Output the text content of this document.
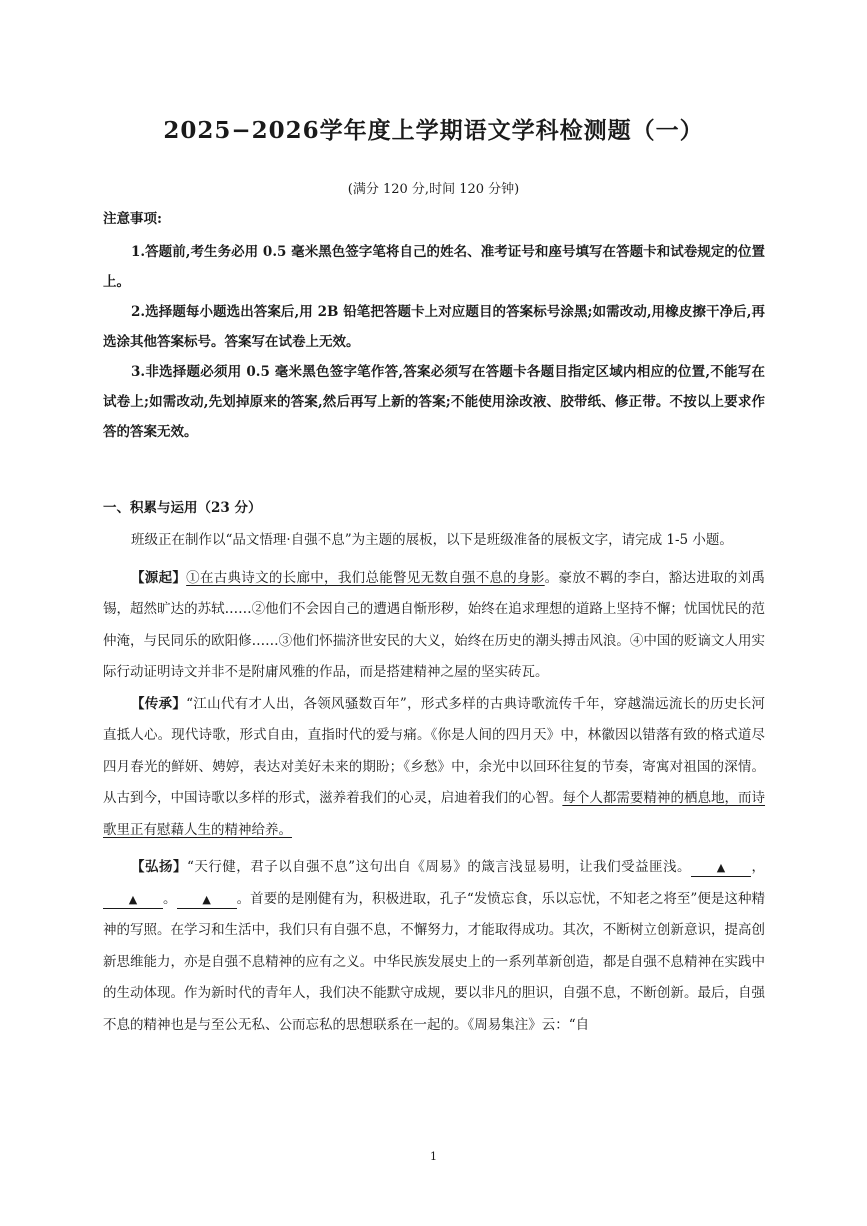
2025−2026学年度上学期语文学科检测题（一）
(满分 120 分,时间 120 分钟)
注意事项:

1.答题前,考生务必用 0.5 毫米黑色签字笔将自己的姓名、准考证号和座号填写在答题卡和试卷规定的位置上。

2.选择题每小题选出答案后,用 2B 铅笔把答题卡上对应题目的答案标号涂黑;如需改动,用橡皮擦干净后,再选涂其他答案标号。答案写在试卷上无效。

3.非选择题必须用 0.5 毫米黑色签字笔作答,答案必须写在答题卡各题目指定区域内相应的位置,不能写在试卷上;如需改动,先划掉原来的答案,然后再写上新的答案;不能使用涂改液、胶带纸、修正带。不按以上要求作答的答案无效。

一、积累与运用（23 分）

班级正在制作以“品文悟理·自强不息”为主题的展板，以下是班级准备的展板文字，请完成 1-5 小题。

【源起】①在古典诗文的长廊中，我们总能瞥见无数自强不息的身影。豪放不羁的李白，豁达进取的刘禹锡，超然旷达的苏轼……②他们不会因自己的遭遇自惭形秽，始终在追求理想的道路上坚持不懈；忧国忧民的范仲淹，与民同乐的欧阳修……③他们怀揣济世安民的大义，始终在历史的潮头搏击风浪。④中国的贬谪文人用实际行动证明诗文并非不是附庸风雅的作品，而是搭建精神之屋的坚实砖瓦。

【传承】“江山代有才人出，各领风骚数百年”，形式多样的古典诗歌流传千年，穿越湍远流长的历史长河直抵人心。现代诗歌，形式自由，直指时代的爱与痛。《你是人间的四月天》中，林徽因以错落有致的格式道尽四月春光的鲜妍、娉婷，表达对美好未来的期盼；《乡愁》中，余光中以回环往复的节奏，寄寓对祖国的深情。从古到今，中国诗歌以多样的形式，滋养着我们的心灵，启迪着我们的心智。每个人都需要精神的栖息地，而诗歌里正有慰藉人生的精神给养。

【弘扬】“天行健，君子以自强不息”这句出自《周易》的箴言浅显易明，让我们受益匪浅。 ▲ ，▲ 。 ▲ 。首要的是刚健有为，积极进取，孔子“发愤忘食，乐以忘忧，不知老之将至”便是这种精神的写照。在学习和生活中，我们只有自强不息，不懈努力，才能取得成功。其次，不断树立创新意识，提高创新思维能力，亦是自强不息精神的应有之义。中华民族发展史上的一系列革新创造，都是自强不息精神在实践中的生动体现。作为新时代的青年人，我们决不能默守成规，要以非凡的胆识，自强不息，不断创新。最后，自强不息的精神也是与至公无私、公而忘私的思想联系在一起的。《周易集注》云：“自

1
